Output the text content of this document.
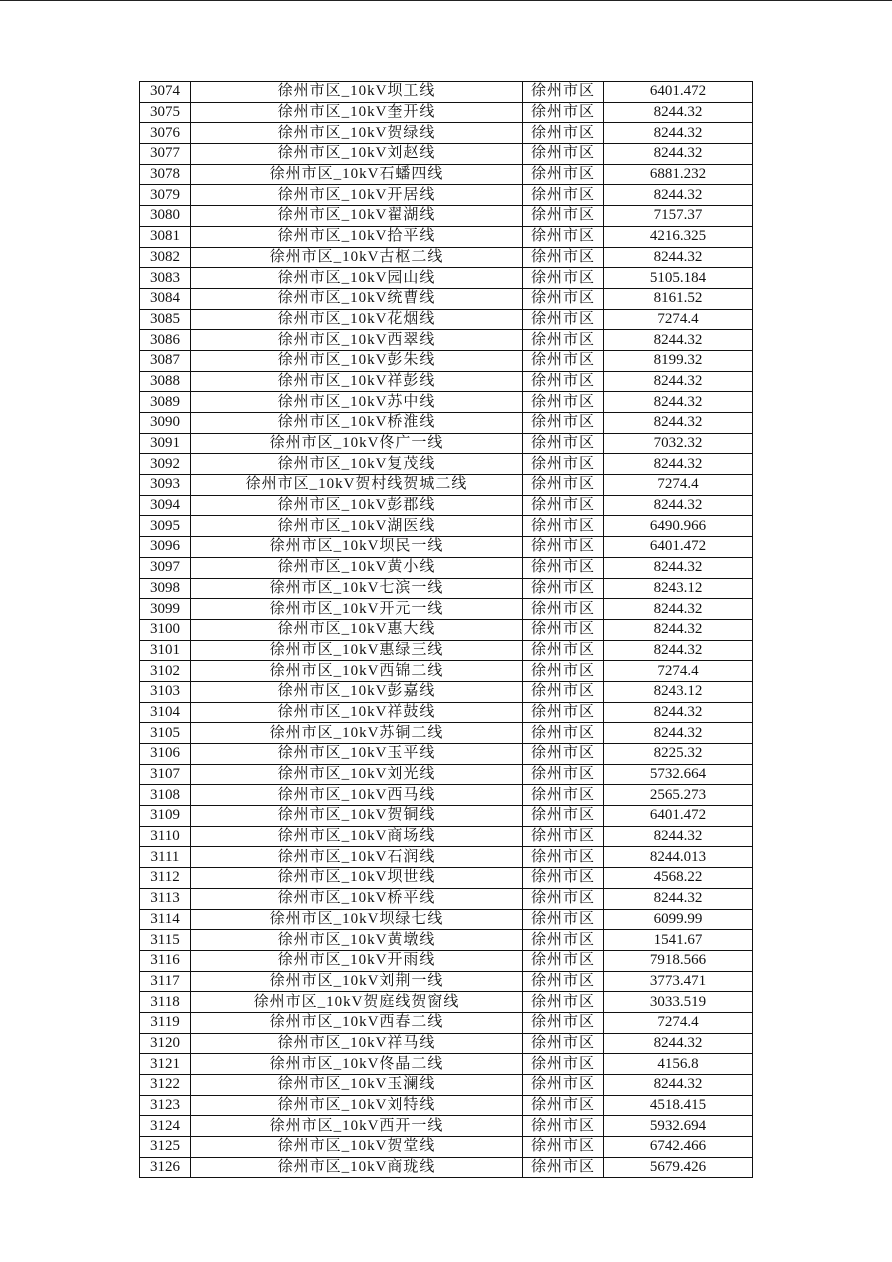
3074	徐州市区_10kV坝工线	徐州市区	6401.472
3075	徐州市区_10kV奎开线	徐州市区	8244.32
3076	徐州市区_10kV贺绿线	徐州市区	8244.32
3077	徐州市区_10kV刘赵线	徐州市区	8244.32
3078	徐州市区_10kV石蟠四线	徐州市区	6881.232
3079	徐州市区_10kV开居线	徐州市区	8244.32
3080	徐州市区_10kV翟湖线	徐州市区	7157.37
3081	徐州市区_10kV拾平线	徐州市区	4216.325
3082	徐州市区_10kV古枢二线	徐州市区	8244.32
3083	徐州市区_10kV园山线	徐州市区	5105.184
3084	徐州市区_10kV统曹线	徐州市区	8161.52
3085	徐州市区_10kV花烟线	徐州市区	7274.4
3086	徐州市区_10kV西翠线	徐州市区	8244.32
3087	徐州市区_10kV彭朱线	徐州市区	8199.32
3088	徐州市区_10kV祥彭线	徐州市区	8244.32
3089	徐州市区_10kV苏中线	徐州市区	8244.32
3090	徐州市区_10kV桥淮线	徐州市区	8244.32
3091	徐州市区_10kV佟广一线	徐州市区	7032.32
3092	徐州市区_10kV复茂线	徐州市区	8244.32
3093	徐州市区_10kV贺村线贺城二线	徐州市区	7274.4
3094	徐州市区_10kV彭郡线	徐州市区	8244.32
3095	徐州市区_10kV湖医线	徐州市区	6490.966
3096	徐州市区_10kV坝民一线	徐州市区	6401.472
3097	徐州市区_10kV黄小线	徐州市区	8244.32
3098	徐州市区_10kV七滨一线	徐州市区	8243.12
3099	徐州市区_10kV开元一线	徐州市区	8244.32
3100	徐州市区_10kV惠大线	徐州市区	8244.32
3101	徐州市区_10kV惠绿三线	徐州市区	8244.32
3102	徐州市区_10kV西锦二线	徐州市区	7274.4
3103	徐州市区_10kV彭嘉线	徐州市区	8243.12
3104	徐州市区_10kV祥鼓线	徐州市区	8244.32
3105	徐州市区_10kV苏铜二线	徐州市区	8244.32
3106	徐州市区_10kV玉平线	徐州市区	8225.32
3107	徐州市区_10kV刘光线	徐州市区	5732.664
3108	徐州市区_10kV西马线	徐州市区	2565.273
3109	徐州市区_10kV贺铜线	徐州市区	6401.472
3110	徐州市区_10kV商场线	徐州市区	8244.32
3111	徐州市区_10kV石润线	徐州市区	8244.013
3112	徐州市区_10kV坝世线	徐州市区	4568.22
3113	徐州市区_10kV桥平线	徐州市区	8244.32
3114	徐州市区_10kV坝绿七线	徐州市区	6099.99
3115	徐州市区_10kV黄墩线	徐州市区	1541.67
3116	徐州市区_10kV开雨线	徐州市区	7918.566
3117	徐州市区_10kV刘荆一线	徐州市区	3773.471
3118	徐州市区_10kV贺庭线贺窗线	徐州市区	3033.519
3119	徐州市区_10kV西春二线	徐州市区	7274.4
3120	徐州市区_10kV祥马线	徐州市区	8244.32
3121	徐州市区_10kV佟晶二线	徐州市区	4156.8
3122	徐州市区_10kV玉澜线	徐州市区	8244.32
3123	徐州市区_10kV刘特线	徐州市区	4518.415
3124	徐州市区_10kV西开一线	徐州市区	5932.694
3125	徐州市区_10kV贺堂线	徐州市区	6742.466
3126	徐州市区_10kV商珑线	徐州市区	5679.426
